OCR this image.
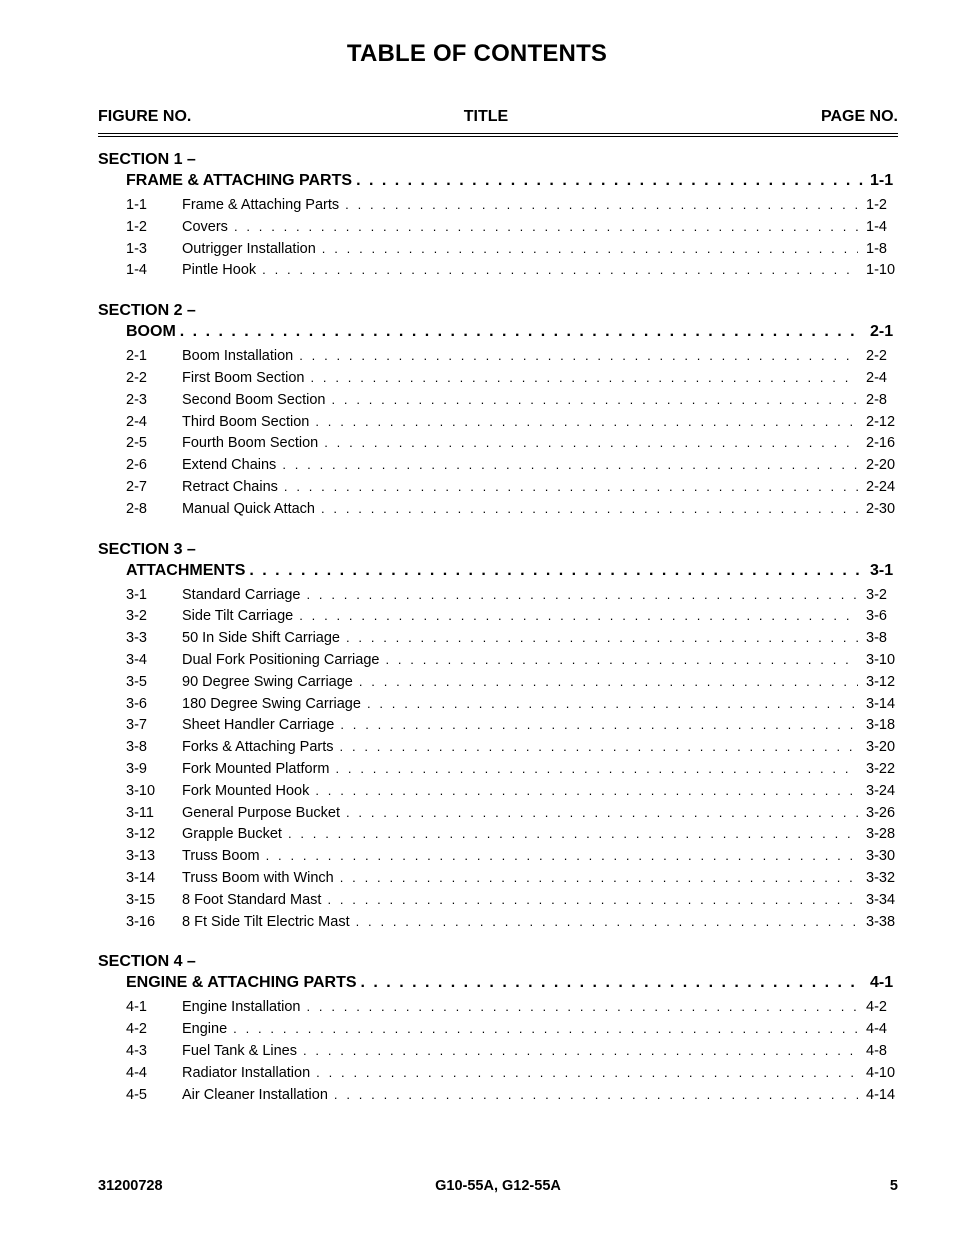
TABLE OF CONTENTS
FIGURE NO.	TITLE	PAGE NO.
SECTION 1 –
FRAME & ATTACHING PARTS . . .	1-1
1-1	Frame & Attaching Parts . . .	1-2
1-2	Covers . . .	1-4
1-3	Outrigger Installation . . .	1-8
1-4	Pintle Hook . . .	1-10
SECTION 2 –
BOOM . . .	2-1
2-1	Boom Installation . . .	2-2
2-2	First Boom Section . . .	2-4
2-3	Second Boom Section . . .	2-8
2-4	Third Boom Section . . .	2-12
2-5	Fourth Boom Section . . .	2-16
2-6	Extend Chains . . .	2-20
2-7	Retract Chains . . .	2-24
2-8	Manual Quick Attach . . .	2-30
SECTION 3 –
ATTACHMENTS . . .	3-1
3-1	Standard Carriage . . .	3-2
3-2	Side Tilt Carriage . . .	3-6
3-3	50 In Side Shift Carriage . . .	3-8
3-4	Dual Fork Positioning Carriage . . .	3-10
3-5	90 Degree Swing Carriage . . .	3-12
3-6	180 Degree Swing Carriage . . .	3-14
3-7	Sheet Handler Carriage . . .	3-18
3-8	Forks & Attaching Parts . . .	3-20
3-9	Fork Mounted Platform . . .	3-22
3-10	Fork Mounted Hook . . .	3-24
3-11	General Purpose Bucket . . .	3-26
3-12	Grapple Bucket . . .	3-28
3-13	Truss Boom . . .	3-30
3-14	Truss Boom with Winch . . .	3-32
3-15	8 Foot Standard Mast . . .	3-34
3-16	8 Ft Side Tilt Electric Mast . . .	3-38
SECTION 4 –
ENGINE & ATTACHING PARTS . . .	4-1
4-1	Engine Installation . . .	4-2
4-2	Engine . . .	4-4
4-3	Fuel Tank & Lines . . .	4-8
4-4	Radiator Installation . . .	4-10
4-5	Air Cleaner Installation . . .	4-14
31200728	G10-55A, G12-55A	5
